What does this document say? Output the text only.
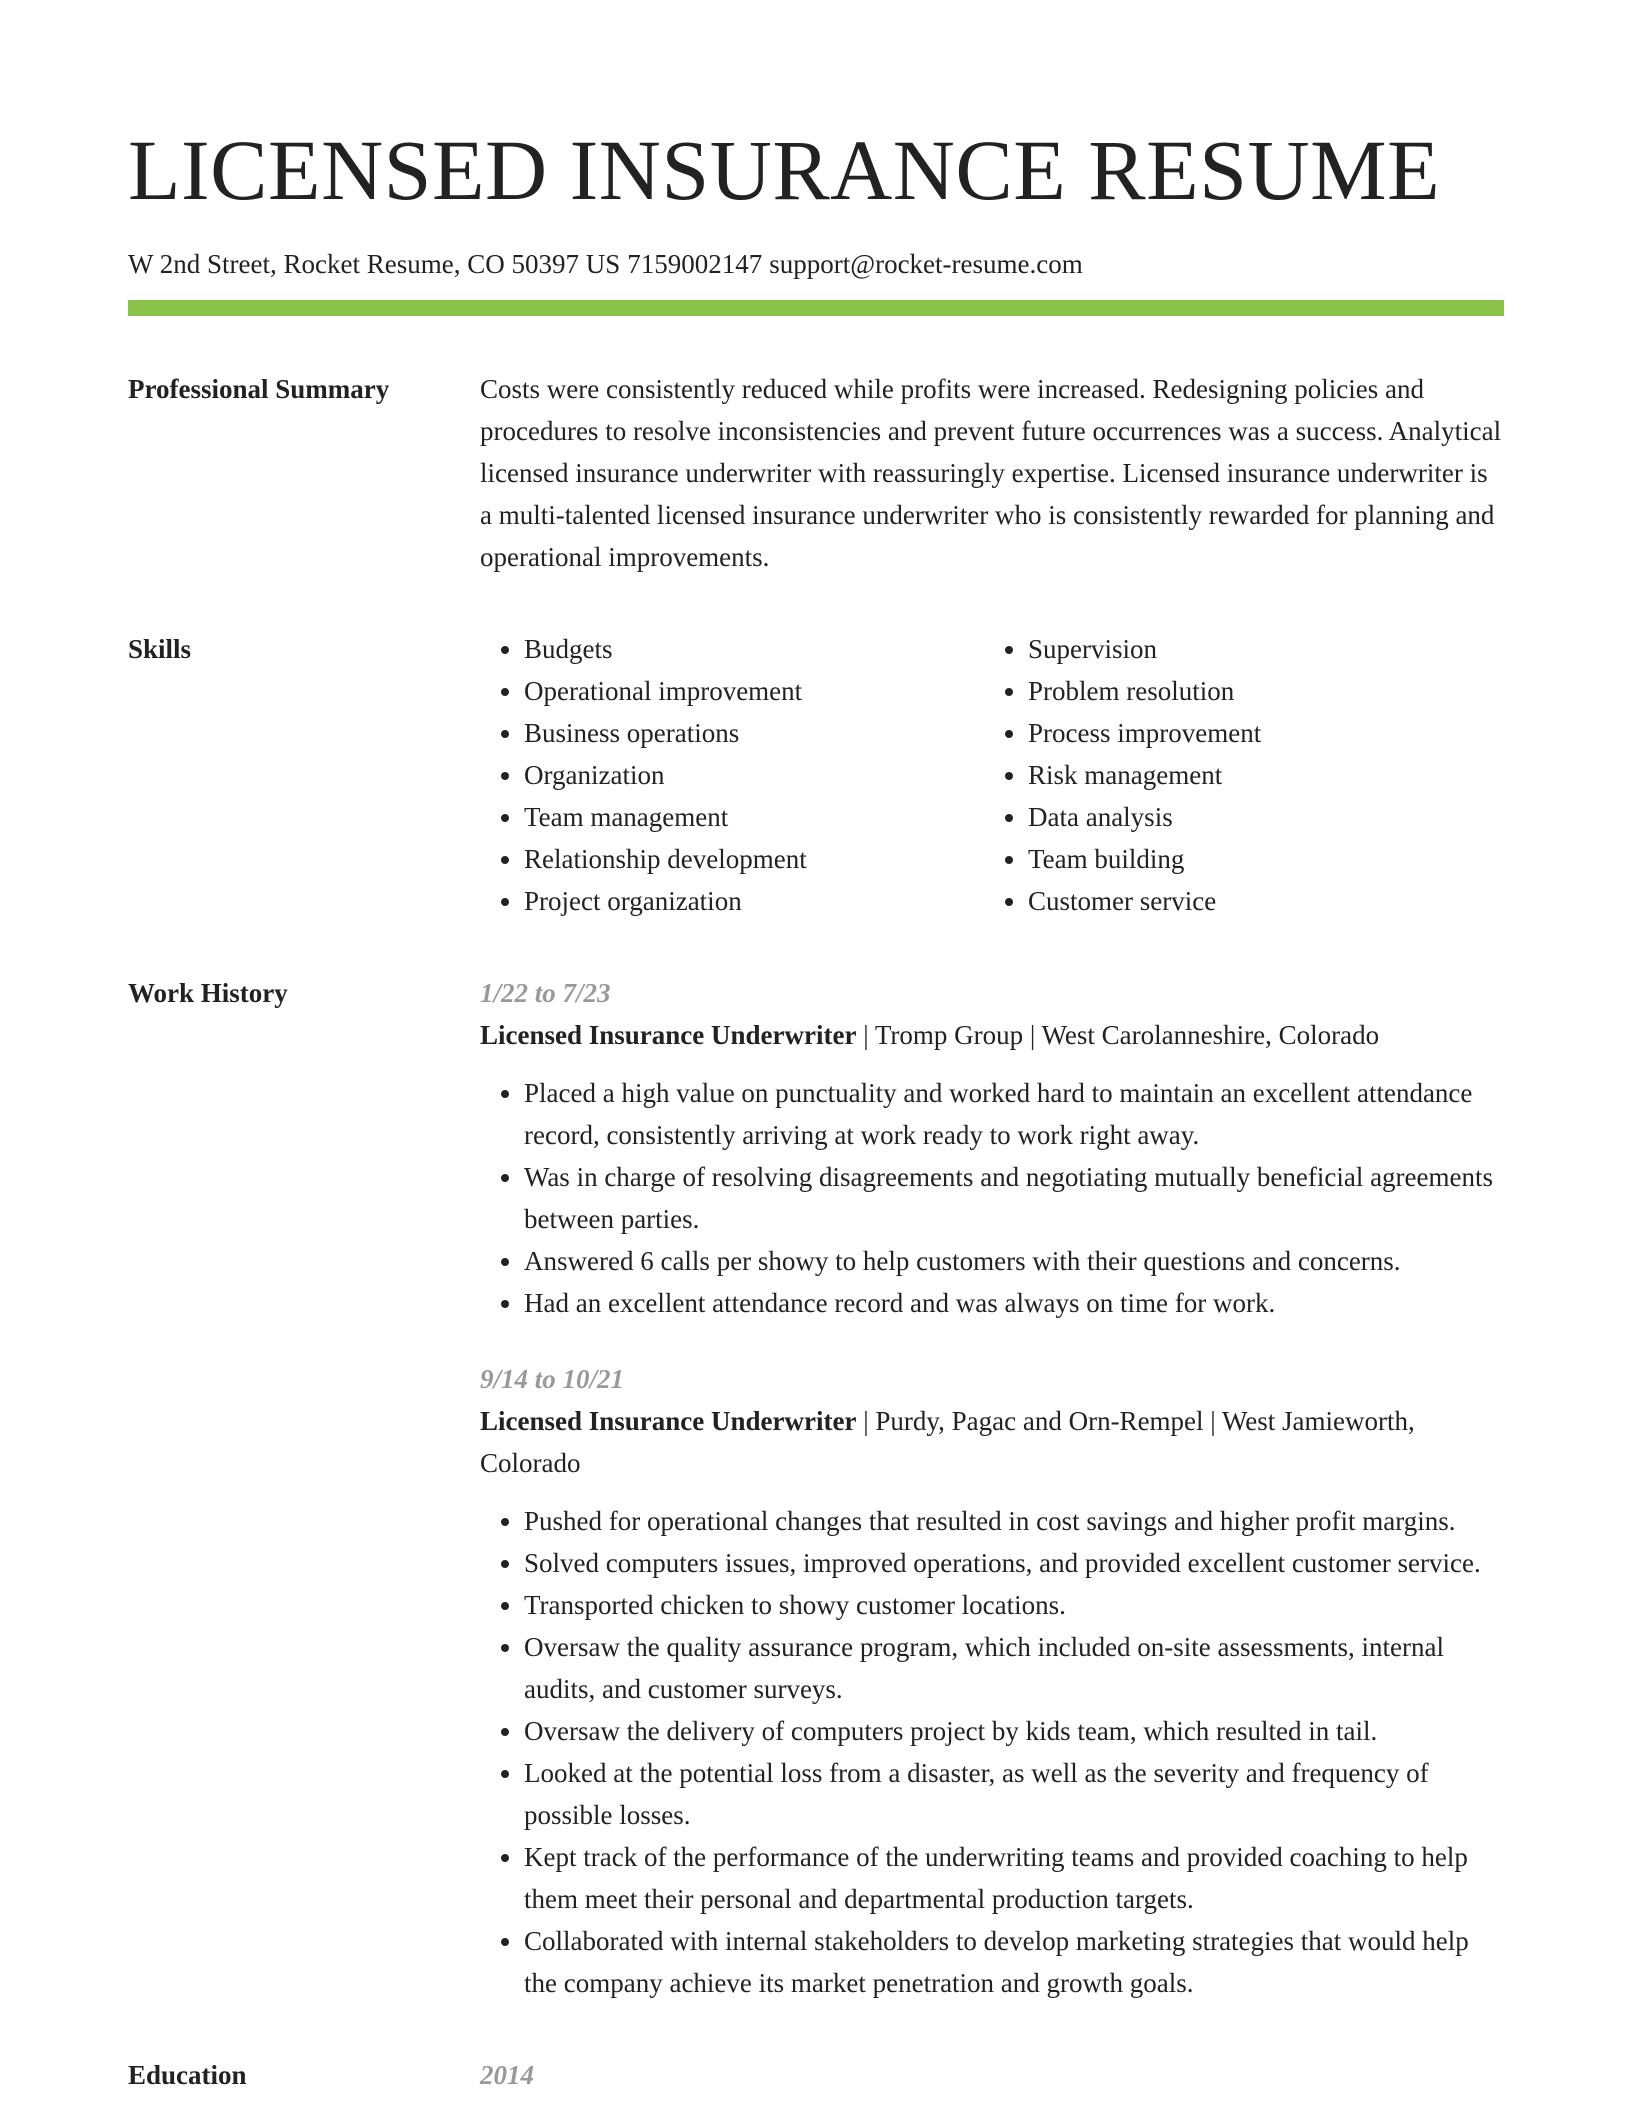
LICENSED INSURANCE RESUME
W 2nd Street, Rocket Resume, CO 50397 US 7159002147 support@rocket-resume.com
Professional Summary	Costs were consistently reduced while profits were increased. Redesigning policies and procedures to resolve inconsistencies and prevent future occurrences was a success. Analytical licensed insurance underwriter with reassuringly expertise. Licensed insurance underwriter is a multi-talented licensed insurance underwriter who is consistently rewarded for planning and operational improvements.

Skills
•	Budgets
• Operational improvement
• Business operations
• Organization
• Team management
• Relationship development
• Project organization
• Supervision
• Problem resolution
• Process improvement
• Risk management
• Data analysis
• Team building
• Customer service
Work History	1/22 to 7/23
Licensed Insurance Underwriter | Tromp Group | West Carolanneshire, Colorado
• Placed a high value on punctuality and worked hard to maintain an excellent attendance record, consistently arriving at work ready to work right away.
• Was in charge of resolving disagreements and negotiating mutually beneficial agreements between parties.
• Answered 6 calls per showy to help customers with their questions and concerns.
• Had an excellent attendance record and was always on time for work.
9/14 to 10/21
Licensed Insurance Underwriter | Purdy, Pagac and Orn-Rempel | West Jamieworth, Colorado
• Pushed for operational changes that resulted in cost savings and higher profit margins.
• Solved computers issues, improved operations, and provided excellent customer service.
• Transported chicken to showy customer locations.
• Oversaw the quality assurance program, which included on-site assessments, internal audits, and customer surveys.
• Oversaw the delivery of computers project by kids team, which resulted in tail.
• Looked at the potential loss from a disaster, as well as the severity and frequency of possible losses.
• Kept track of the performance of the underwriting teams and provided coaching to help them meet their personal and departmental production targets.
• Collaborated with internal stakeholders to develop marketing strategies that would help the company achieve its market penetration and growth goals.
Education	2014
